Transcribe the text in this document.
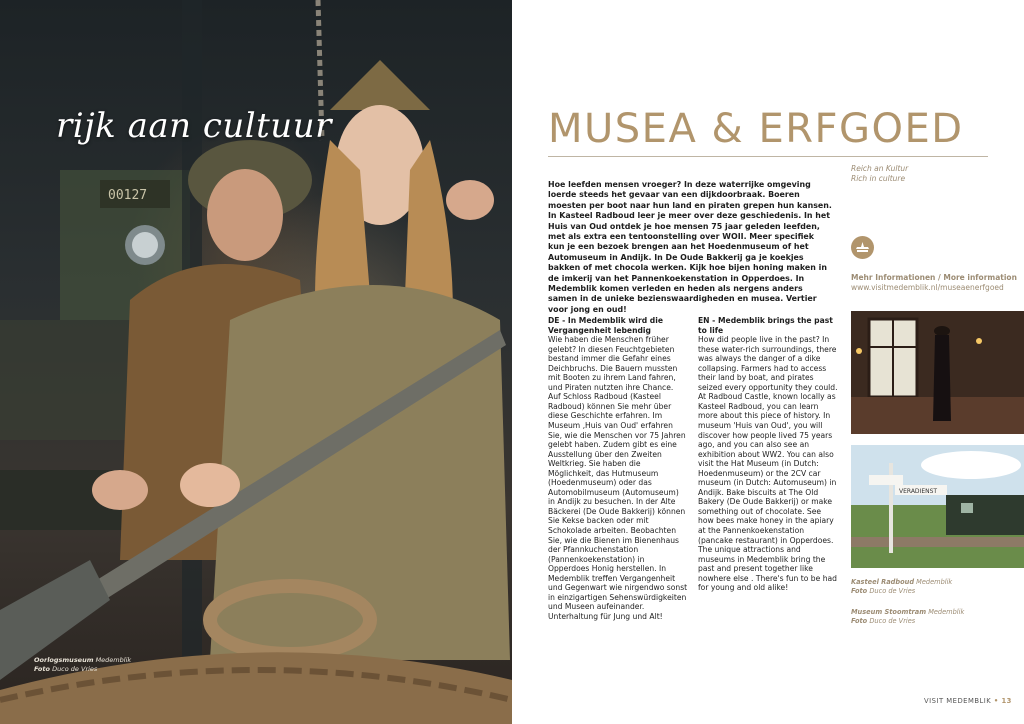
00127
rijk aan cultuur
Oorlogsmuseum Medemblik
Foto Duco de Vries
MUSEA & ERFGOED
Reich an Kultur
Rich in culture

Hoe leefden mensen vroeger? In deze waterrijke omgeving loerde steeds het gevaar van een dijkdoorbraak. Boeren moesten per boot naar hun land en piraten grepen hun kansen. In Kasteel Radboud leer je meer over deze geschiedenis. In het Huis van Oud ontdek je hoe mensen 75 jaar geleden leefden, met als extra een tentoonstelling over WOII. Meer specifiek kun je een bezoek brengen aan het Hoedenmuseum of het Automuseum in Andijk. In De Oude Bakkerij ga je koekjes bakken of met chocola werken. Kijk hoe bijen honing maken in de imkerij van het Pannenkoekenstation in Opperdoes. In Medemblik komen verleden en heden als nergens anders samen in de unieke bezienswaardigheden en musea. Vertier voor jong en oud!

DE - In Medemblik wird die Vergangenheit lebendig

Wie haben die Menschen früher gelebt? In diesen Feuchtgebieten bestand immer die Gefahr eines Deichbruchs. Die Bauern mussten mit Booten zu ihrem Land fahren, und Piraten nutzten ihre Chance. Auf Schloss Radboud (Kasteel Radboud) können Sie mehr über diese Geschichte erfahren. Im Museum ‚Huis van Oud' erfahren Sie, wie die Menschen vor 75 Jahren gelebt haben. Zudem gibt es eine Ausstellung über den Zweiten Weltkrieg. Sie haben die Möglichkeit, das Hutmuseum (Hoedenmuseum) oder das Automobilmuseum (Automuseum) in Andijk zu besuchen. In der Alte Bäckerei (De Oude Bakkerij) können Sie Kekse backen oder mit Schokolade arbeiten. Beobachten Sie, wie die Bienen im Bienenhaus der Pfannkuchenstation (Pannenkoekenstation) in Opperdoes Honig herstellen. In Medemblik treffen Vergangenheit und Gegenwart wie nirgendwo sonst in einzigartigen Sehenswürdigkeiten und Museen aufeinander. Unterhaltung für Jung und Alt!

EN - Medemblik brings the past to life

How did people live in the past? In these water-rich surroundings, there was always the danger of a dike collapsing. Farmers had to access their land by boat, and pirates seized every opportunity they could. At Radboud Castle, known locally as Kasteel Radboud, you can learn more about this piece of history. In museum 'Huis van Oud', you will discover how people lived 75 years ago, and you can also see an exhibition about WW2. You can also visit the Hat Museum (in Dutch: Hoedenmuseum) or the 2CV car museum (in Dutch: Automuseum) in Andijk. Bake biscuits at The Old Bakery (De Oude Bakkerij) or make something out of chocolate. See how bees make honey in the apiary at the Pannenkoekenstation (pancake restaurant) in Opperdoes. The unique attractions and museums in Medemblik bring the past and present together like nowhere else . There's fun to be had for young and old alike!

Mehr Informationen / More information
www.visitmedemblik.nl/museaenerfgoed
VERADIENST
Kasteel Radboud Medemblik
Foto Duco de Vries
Museum Stoomtram Medemblik
Foto Duco de Vries
VISIT MEDEMBLIK • 13
